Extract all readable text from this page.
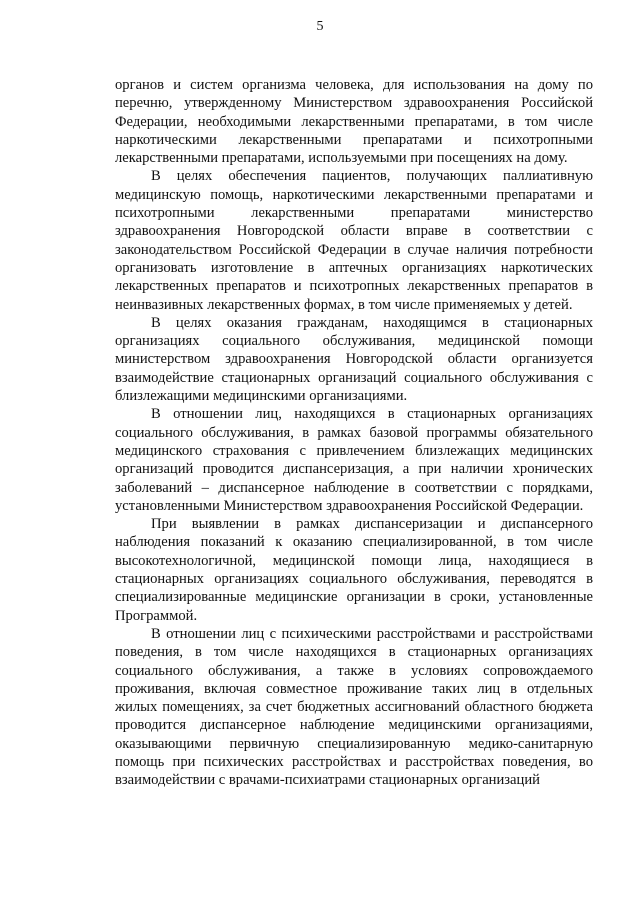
5

органов и систем организма человека, для использования на дому по перечню, утвержденному Министерством здравоохранения Российской Федерации, необходимыми лекарственными препаратами, в том числе наркотическими лекарственными препаратами и психотропными лекарственными препаратами, используемыми при посещениях на дому.

В целях обеспечения пациентов, получающих паллиативную медицинскую помощь, наркотическими лекарственными препаратами и психотропными лекарственными препаратами министерство здравоохранения Новгородской области вправе в соответствии с законодательством Российской Федерации в случае наличия потребности организовать изготовление в аптечных организациях наркотических лекарственных препаратов и психотропных лекарственных препаратов в неинвазивных лекарственных формах, в том числе применяемых у детей.

В целях оказания гражданам, находящимся в стационарных организациях социального обслуживания, медицинской помощи министерством здравоохранения Новгородской области организуется взаимодействие стационарных организаций социального обслуживания с близлежащими медицинскими организациями.

В отношении лиц, находящихся в стационарных организациях социального обслуживания, в рамках базовой программы обязательного медицинского страхования с привлечением близлежащих медицинских организаций проводится диспансеризация, а при наличии хронических заболеваний – диспансерное наблюдение в соответствии с порядками, установленными Министерством здравоохранения Российской Федерации.

При выявлении в рамках диспансеризации и диспансерного наблюдения показаний к оказанию специализированной, в том числе высокотехнологичной, медицинской помощи лица, находящиеся в стационарных организациях социального обслуживания, переводятся в специализированные медицинские организации в сроки, установленные Программой.

В отношении лиц с психическими расстройствами и расстройствами поведения, в том числе находящихся в стационарных организациях социального обслуживания, а также в условиях сопровождаемого проживания, включая совместное проживание таких лиц в отдельных жилых помещениях, за счет бюджетных ассигнований областного бюджета проводится диспансерное наблюдение медицинскими организациями, оказывающими первичную специализированную медико-санитарную помощь при психических расстройствах и расстройствах поведения, во взаимодействии с врачами-психиатрами стационарных организаций
